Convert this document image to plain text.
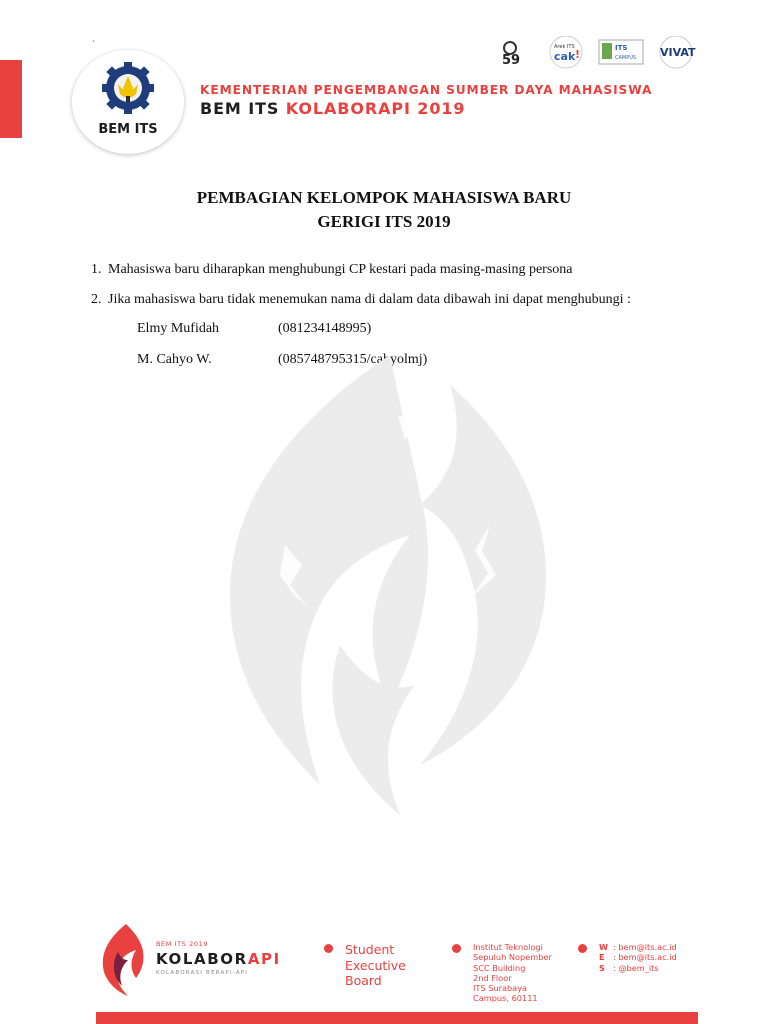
`
BEM ITS
KEMENTERIAN PENGEMBANGAN SUMBER DAYA MAHASISWA
BEM ITS KOLABORAPI 2019
59
Arek ITS
cak !	ITS
CAMPUS VIVAT
PEMBAGIAN KELOMPOK MAHASISWA BARU
GERIGI ITS 2019
1. Mahasiswa baru diharapkan menghubungi CP kestari pada masing-masing persona
2. Jika mahasiswa baru tidak menemukan nama di dalam data dibawah ini dapat menghubungi :
Elmy Mufidah	(081234148995)
M. Cahyo W.	(085748795315/cahyolmj)
BEM ITS 2019
KOLABORAPI
KOLABORASI BERAPI-API
Student
Executive
Board
Institut Teknologi
Sepuluh Nopember
SCC Building
2nd Floor
ITS Surabaya
Campus, 60111
W : bem@its.ac.id
E : bem@its.ac.id
S : @bem_its
